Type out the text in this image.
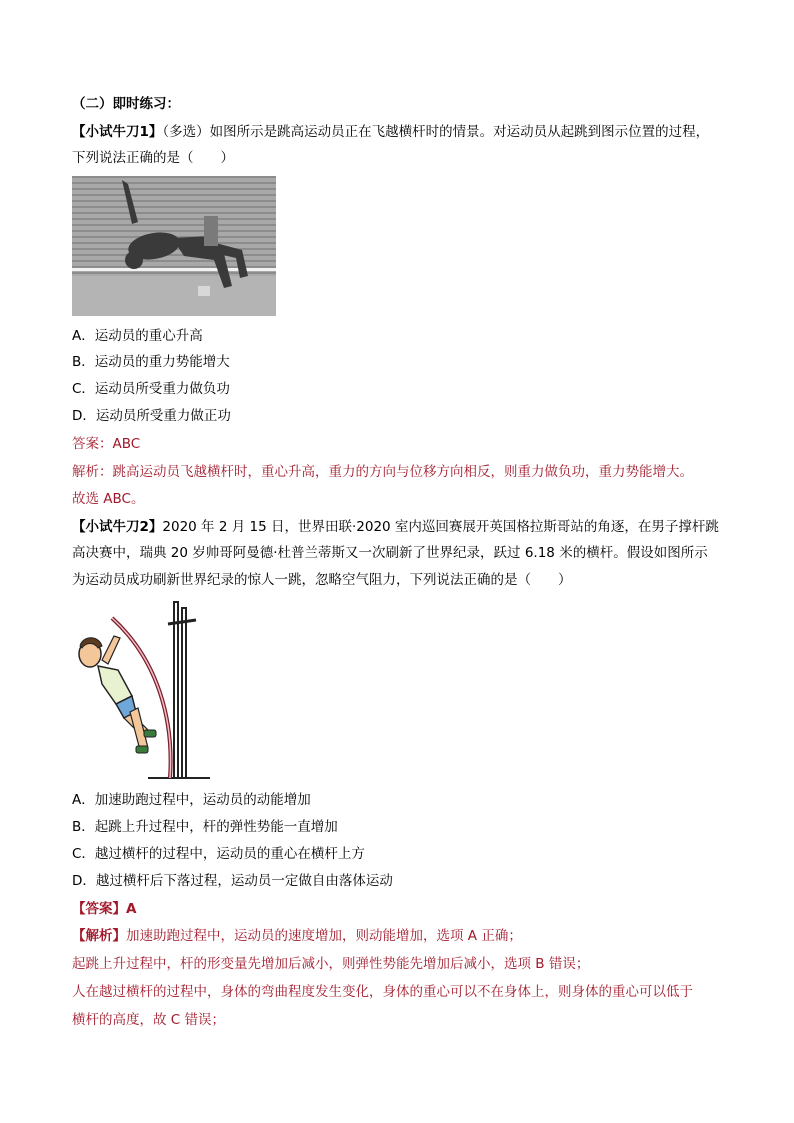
（二）即时练习：
【小试牛刀1】（多选）如图所示是跳高运动员正在飞越横杆时的情景。对运动员从起跳到图示位置的过程，
下列说法正确的是（　　）
A．运动员的重心升高
B．运动员的重力势能增大
C．运动员所受重力做负功
D．运动员所受重力做正功
答案：ABC
解析：跳高运动员飞越横杆时，重心升高，重力的方向与位移方向相反，则重力做负功，重力势能增大。
故选 ABC。
【小试牛刀2】2020 年 2 月 15 日，世界田联·2020 室内巡回赛展开英国格拉斯哥站的角逐，在男子撑杆跳
高决赛中，瑞典 20 岁帅哥阿曼德·杜普兰蒂斯又一次刷新了世界纪录，跃过 6.18 米的横杆。假设如图所示
为运动员成功刷新世界纪录的惊人一跳，忽略空气阻力，下列说法正确的是（　　）
A．加速助跑过程中，运动员的动能增加
B．起跳上升过程中，杆的弹性势能一直增加
C．越过横杆的过程中，运动员的重心在横杆上方
D．越过横杆后下落过程，运动员一定做自由落体运动
【答案】A
【解析】加速助跑过程中，运动员的速度增加，则动能增加，选项 A 正确；
起跳上升过程中，杆的形变量先增加后减小，则弹性势能先增加后减小，选项 B 错误；
人在越过横杆的过程中，身体的弯曲程度发生变化，身体的重心可以不在身体上，则身体的重心可以低于
横杆的高度，故 C 错误；
